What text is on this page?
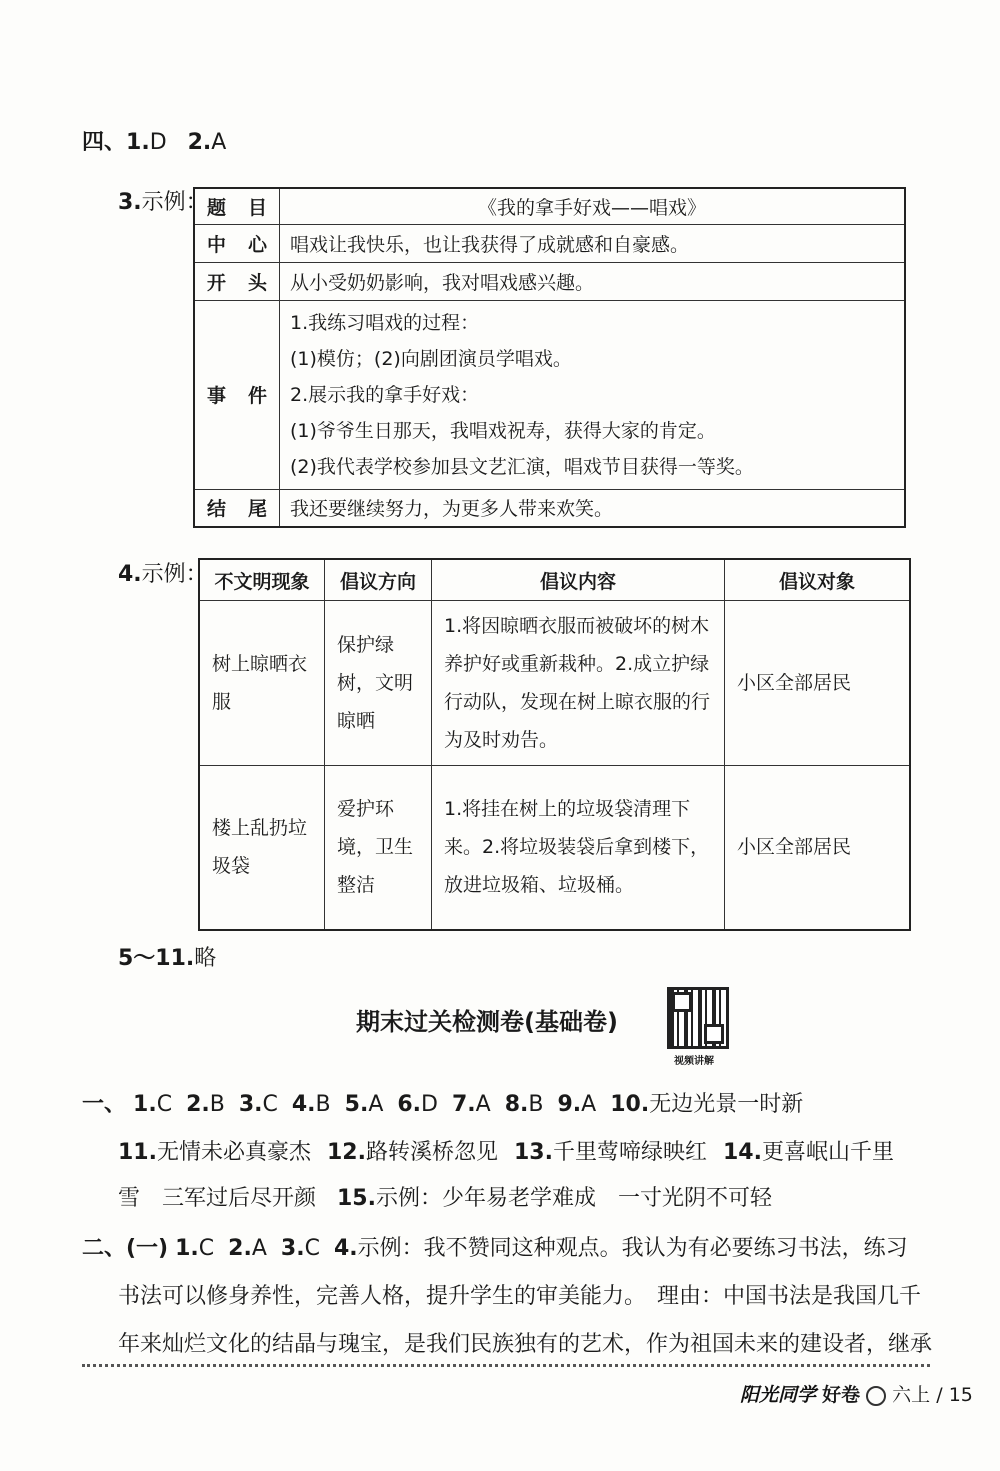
四、1.D 2.A
3.示例： 题目	《我的拿手好戏——唱戏》
中心	唱戏让我快乐，也让我获得了成就感和自豪感。
开头	从小受奶奶影响，我对唱戏感兴趣。
事件	1.我练习唱戏的过程：
(1)模仿；(2)向剧团演员学唱戏。
2.展示我的拿手好戏：
(1)爷爷生日那天，我唱戏祝寿，获得大家的肯定。
(2)我代表学校参加县文艺汇演，唱戏节目获得一等奖。

结尾	我还要继续努力，为更多人带来欢笑。
4.示例： 不文明现象	倡议方向	倡议内容	倡议对象
树上晾晒衣服	保护绿树，文明晾晒	1.将因晾晒衣服而被破坏的树木养护好或重新栽种。2.成立护绿行动队，发现在树上晾衣服的行为及时劝告。	小区全部居民
楼上乱扔垃圾袋	爱护环境，卫生整洁	1.将挂在树上的垃圾袋清理下来。2.将垃圾装袋后拿到楼下，放进垃圾箱、垃圾桶。	小区全部居民
5～11.略
期末过关检测卷(基础卷)
视频讲解
一、 1.C 2.B 3.C 4.B 5.A 6.D 7.A 8.B 9.A 10.无边光景一时新
11.无情未必真豪杰 12.路转溪桥忽见 13.千里莺啼绿映红 14.更喜岷山千里
雪　三军过后尽开颜 15.示例：少年易老学难成　一寸光阴不可轻
二、(一) 1.C 2.A 3.C 4.示例：我不赞同这种观点。我认为有必要练习书法，练习
书法可以修身养性，完善人格，提升学生的审美能力。　理由：中国书法是我国几千
年来灿烂文化的结晶与瑰宝，是我们民族独有的艺术，作为祖国未来的建设者，继承
阳光同学 好卷 六上 / 15
